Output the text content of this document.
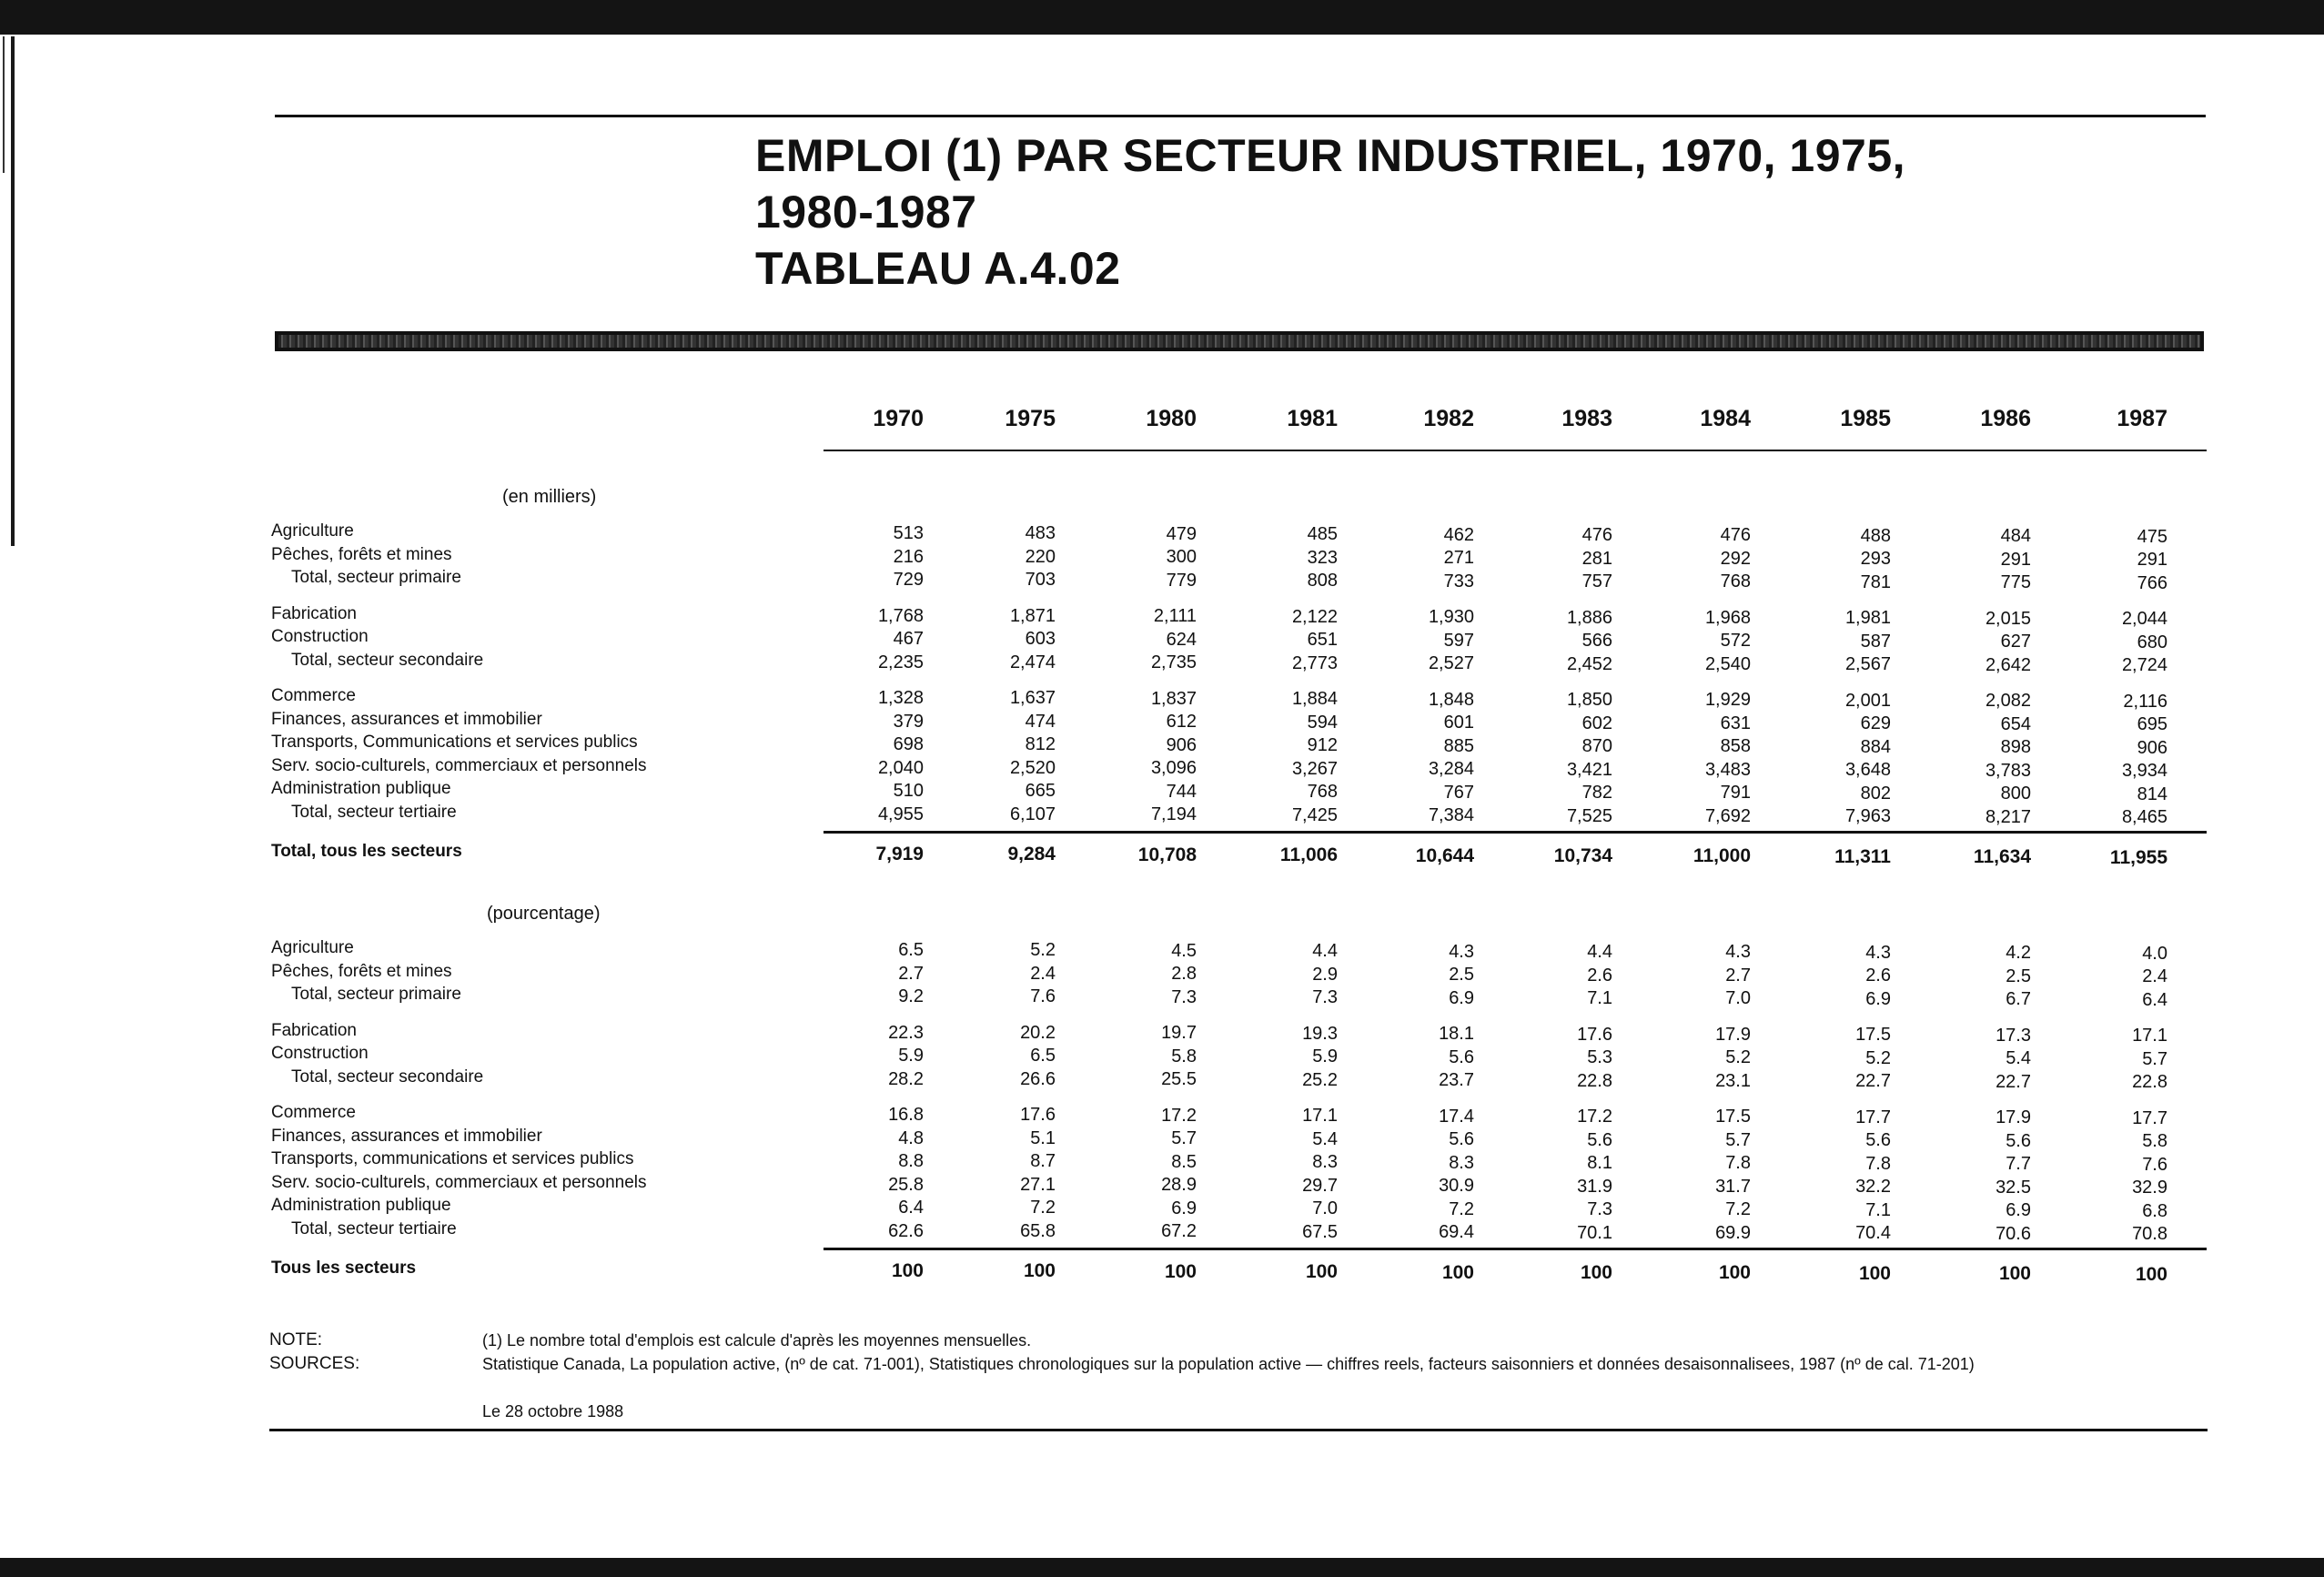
EMPLOI (1) PAR SECTEUR INDUSTRIEL, 1970, 1975,
1980-1987
TABLEAU A.4.02
1970	1975	1980	1981	1982	1983	1984	1985	1986	1987
(en milliers)
Agriculture	513	483	479	485	462	476	476	488	484	475
Pêches, forêts et mines	216	220	300	323	271	281	292	293	291	291
Total, secteur primaire	729	703	779	808	733	757	768	781	775	766
Fabrication	1,768	1,871	2,111	2,122	1,930	1,886	1,968	1,981	2,015	2,044
Construction	467	603	624	651	597	566	572	587	627	680
Total, secteur secondaire	2,235	2,474	2,735	2,773	2,527	2,452	2,540	2,567	2,642	2,724
Commerce	1,328	1,637	1,837	1,884	1,848	1,850	1,929	2,001	2,082	2,116
Finances, assurances et immobilier	379	474	612	594	601	602	631	629	654	695
Transports, Communications et services publics	698	812	906	912	885	870	858	884	898	906
Serv. socio-culturels, commerciaux et personnels	2,040	2,520	3,096	3,267	3,284	3,421	3,483	3,648	3,783	3,934
Administration publique	510	665	744	768	767	782	791	802	800	814
Total, secteur tertiaire	4,955	6,107	7,194	7,425	7,384	7,525	7,692	7,963	8,217	8,465
Total, tous les secteurs	7,919	9,284	10,708	11,006	10,644	10,734	11,000	11,311	11,634	11,955
(pourcentage)
Agriculture	6.5	5.2	4.5	4.4	4.3	4.4	4.3	4.3	4.2	4.0
Pêches, forêts et mines	2.7	2.4	2.8	2.9	2.5	2.6	2.7	2.6	2.5	2.4
Total, secteur primaire	9.2	7.6	7.3	7.3	6.9	7.1	7.0	6.9	6.7	6.4
Fabrication	22.3	20.2	19.7	19.3	18.1	17.6	17.9	17.5	17.3	17.1
Construction	5.9	6.5	5.8	5.9	5.6	5.3	5.2	5.2	5.4	5.7
Total, secteur secondaire	28.2	26.6	25.5	25.2	23.7	22.8	23.1	22.7	22.7	22.8
Commerce	16.8	17.6	17.2	17.1	17.4	17.2	17.5	17.7	17.9	17.7
Finances, assurances et immobilier	4.8	5.1	5.7	5.4	5.6	5.6	5.7	5.6	5.6	5.8
Transports, communications et services publics	8.8	8.7	8.5	8.3	8.3	8.1	7.8	7.8	7.7	7.6
Serv. socio-culturels, commerciaux et personnels	25.8	27.1	28.9	29.7	30.9	31.9	31.7	32.2	32.5	32.9
Administration publique	6.4	7.2	6.9	7.0	7.2	7.3	7.2	7.1	6.9	6.8
Total, secteur tertiaire	62.6	65.8	67.2	67.5	69.4	70.1	69.9	70.4	70.6	70.8
Tous les secteurs	100	100	100	100	100	100	100	100	100	100
NOTE:	(1) Le nombre total d'emplois est calcule d'après les moyennes mensuelles.
SOURCES:	Statistique Canada, La population active, (nº de cat. 71-001), Statistiques chronologiques sur la population active — chiffres reels, facteurs saisonniers et données desaisonnalisees, 1987 (nº de cal. 71-201)
Le 28 octobre 1988
